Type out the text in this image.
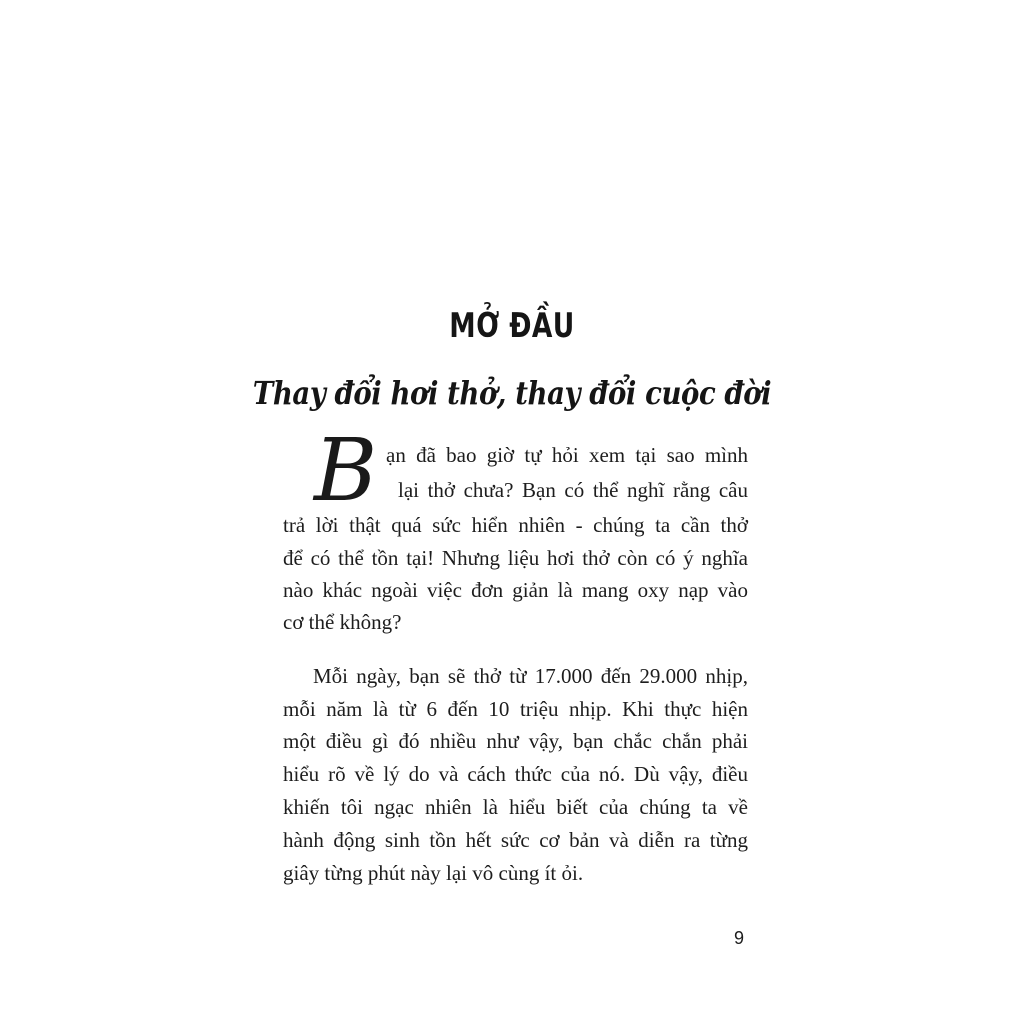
MỞ ĐẦU
Thay đổi hơi thở, thay đổi cuộc đời
B ạn đã bao giờ tự hỏi xem tại sao mình
lại thở chưa? Bạn có thể nghĩ rằng câu
trả lời thật quá sức hiển nhiên - chúng ta cần thở
để có thể tồn tại! Nhưng liệu hơi thở còn có ý nghĩa
nào khác ngoài việc đơn giản là mang oxy nạp vào
cơ thể không?
Mỗi ngày, bạn sẽ thở từ 17.000 đến 29.000 nhịp,
mỗi năm là từ 6 đến 10 triệu nhịp. Khi thực hiện
một điều gì đó nhiều như vậy, bạn chắc chắn phải
hiểu rõ về lý do và cách thức của nó. Dù vậy, điều
khiến tôi ngạc nhiên là hiểu biết của chúng ta về
hành động sinh tồn hết sức cơ bản và diễn ra từng
giây từng phút này lại vô cùng ít ỏi.
9
